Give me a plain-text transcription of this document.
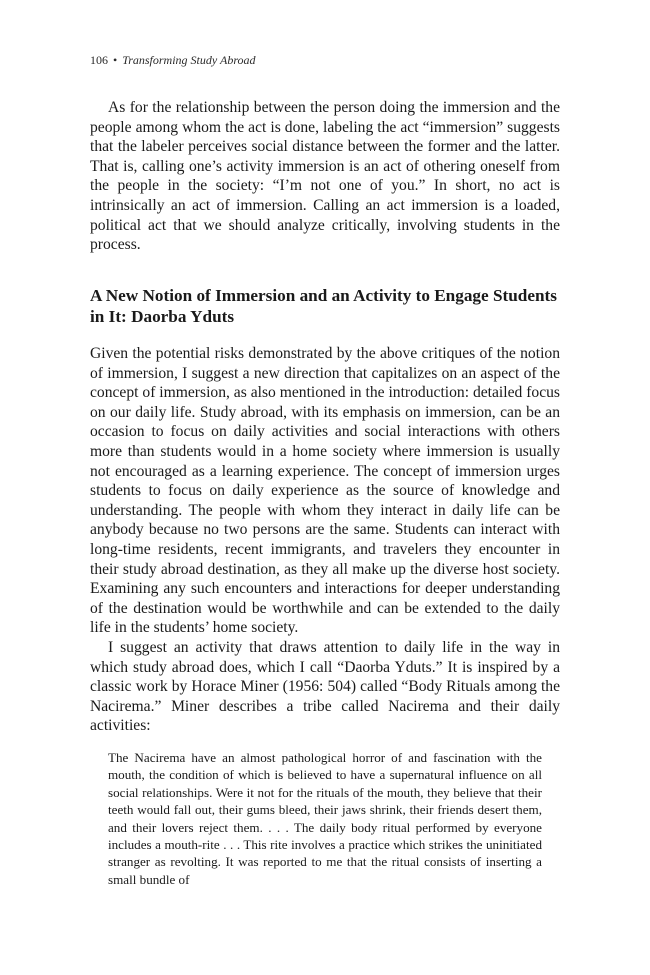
106 • Transforming Study Abroad

As for the relationship between the person doing the immersion and the people among whom the act is done, labeling the act “immersion” suggests that the labeler perceives social distance between the former and the latter. That is, calling one’s activity immersion is an act of othering oneself from the people in the society: “I’m not one of you.” In short, no act is intrinsically an act of immersion. Calling an act immersion is a loaded, political act that we should analyze critically, involving students in the process.

A New Notion of Immersion and an Activity to Engage Students in It: Daorba Yduts

Given the potential risks demonstrated by the above critiques of the notion of immersion, I suggest a new direction that capitalizes on an aspect of the concept of immersion, as also mentioned in the introduction: detailed focus on our daily life. Study abroad, with its emphasis on immersion, can be an occasion to focus on daily activities and social interactions with others more than students would in a home society where immersion is usually not encouraged as a learning experience. The concept of immersion urges students to focus on daily experience as the source of knowledge and understanding. The people with whom they interact in daily life can be anybody because no two persons are the same. Students can interact with long-time residents, recent immigrants, and travelers they encounter in their study abroad destination, as they all make up the diverse host society. Examining any such encounters and interactions for deeper understanding of the destination would be worthwhile and can be extended to the daily life in the students’ home society.

I suggest an activity that draws attention to daily life in the way in which study abroad does, which I call “Daorba Yduts.” It is inspired by a classic work by Horace Miner (1956: 504) called “Body Rituals among the Nacirema.” Miner describes a tribe called Nacirema and their daily activities:

The Nacirema have an almost pathological horror of and fascination with the mouth, the condition of which is believed to have a supernatural influence on all social relationships. Were it not for the rituals of the mouth, they believe that their teeth would fall out, their gums bleed, their jaws shrink, their friends desert them, and their lovers reject them. . . . The daily body ritual performed by everyone includes a mouth-rite . . . This rite involves a practice which strikes the uninitiated stranger as revolting. It was reported to me that the ritual consists of inserting a small bundle of
